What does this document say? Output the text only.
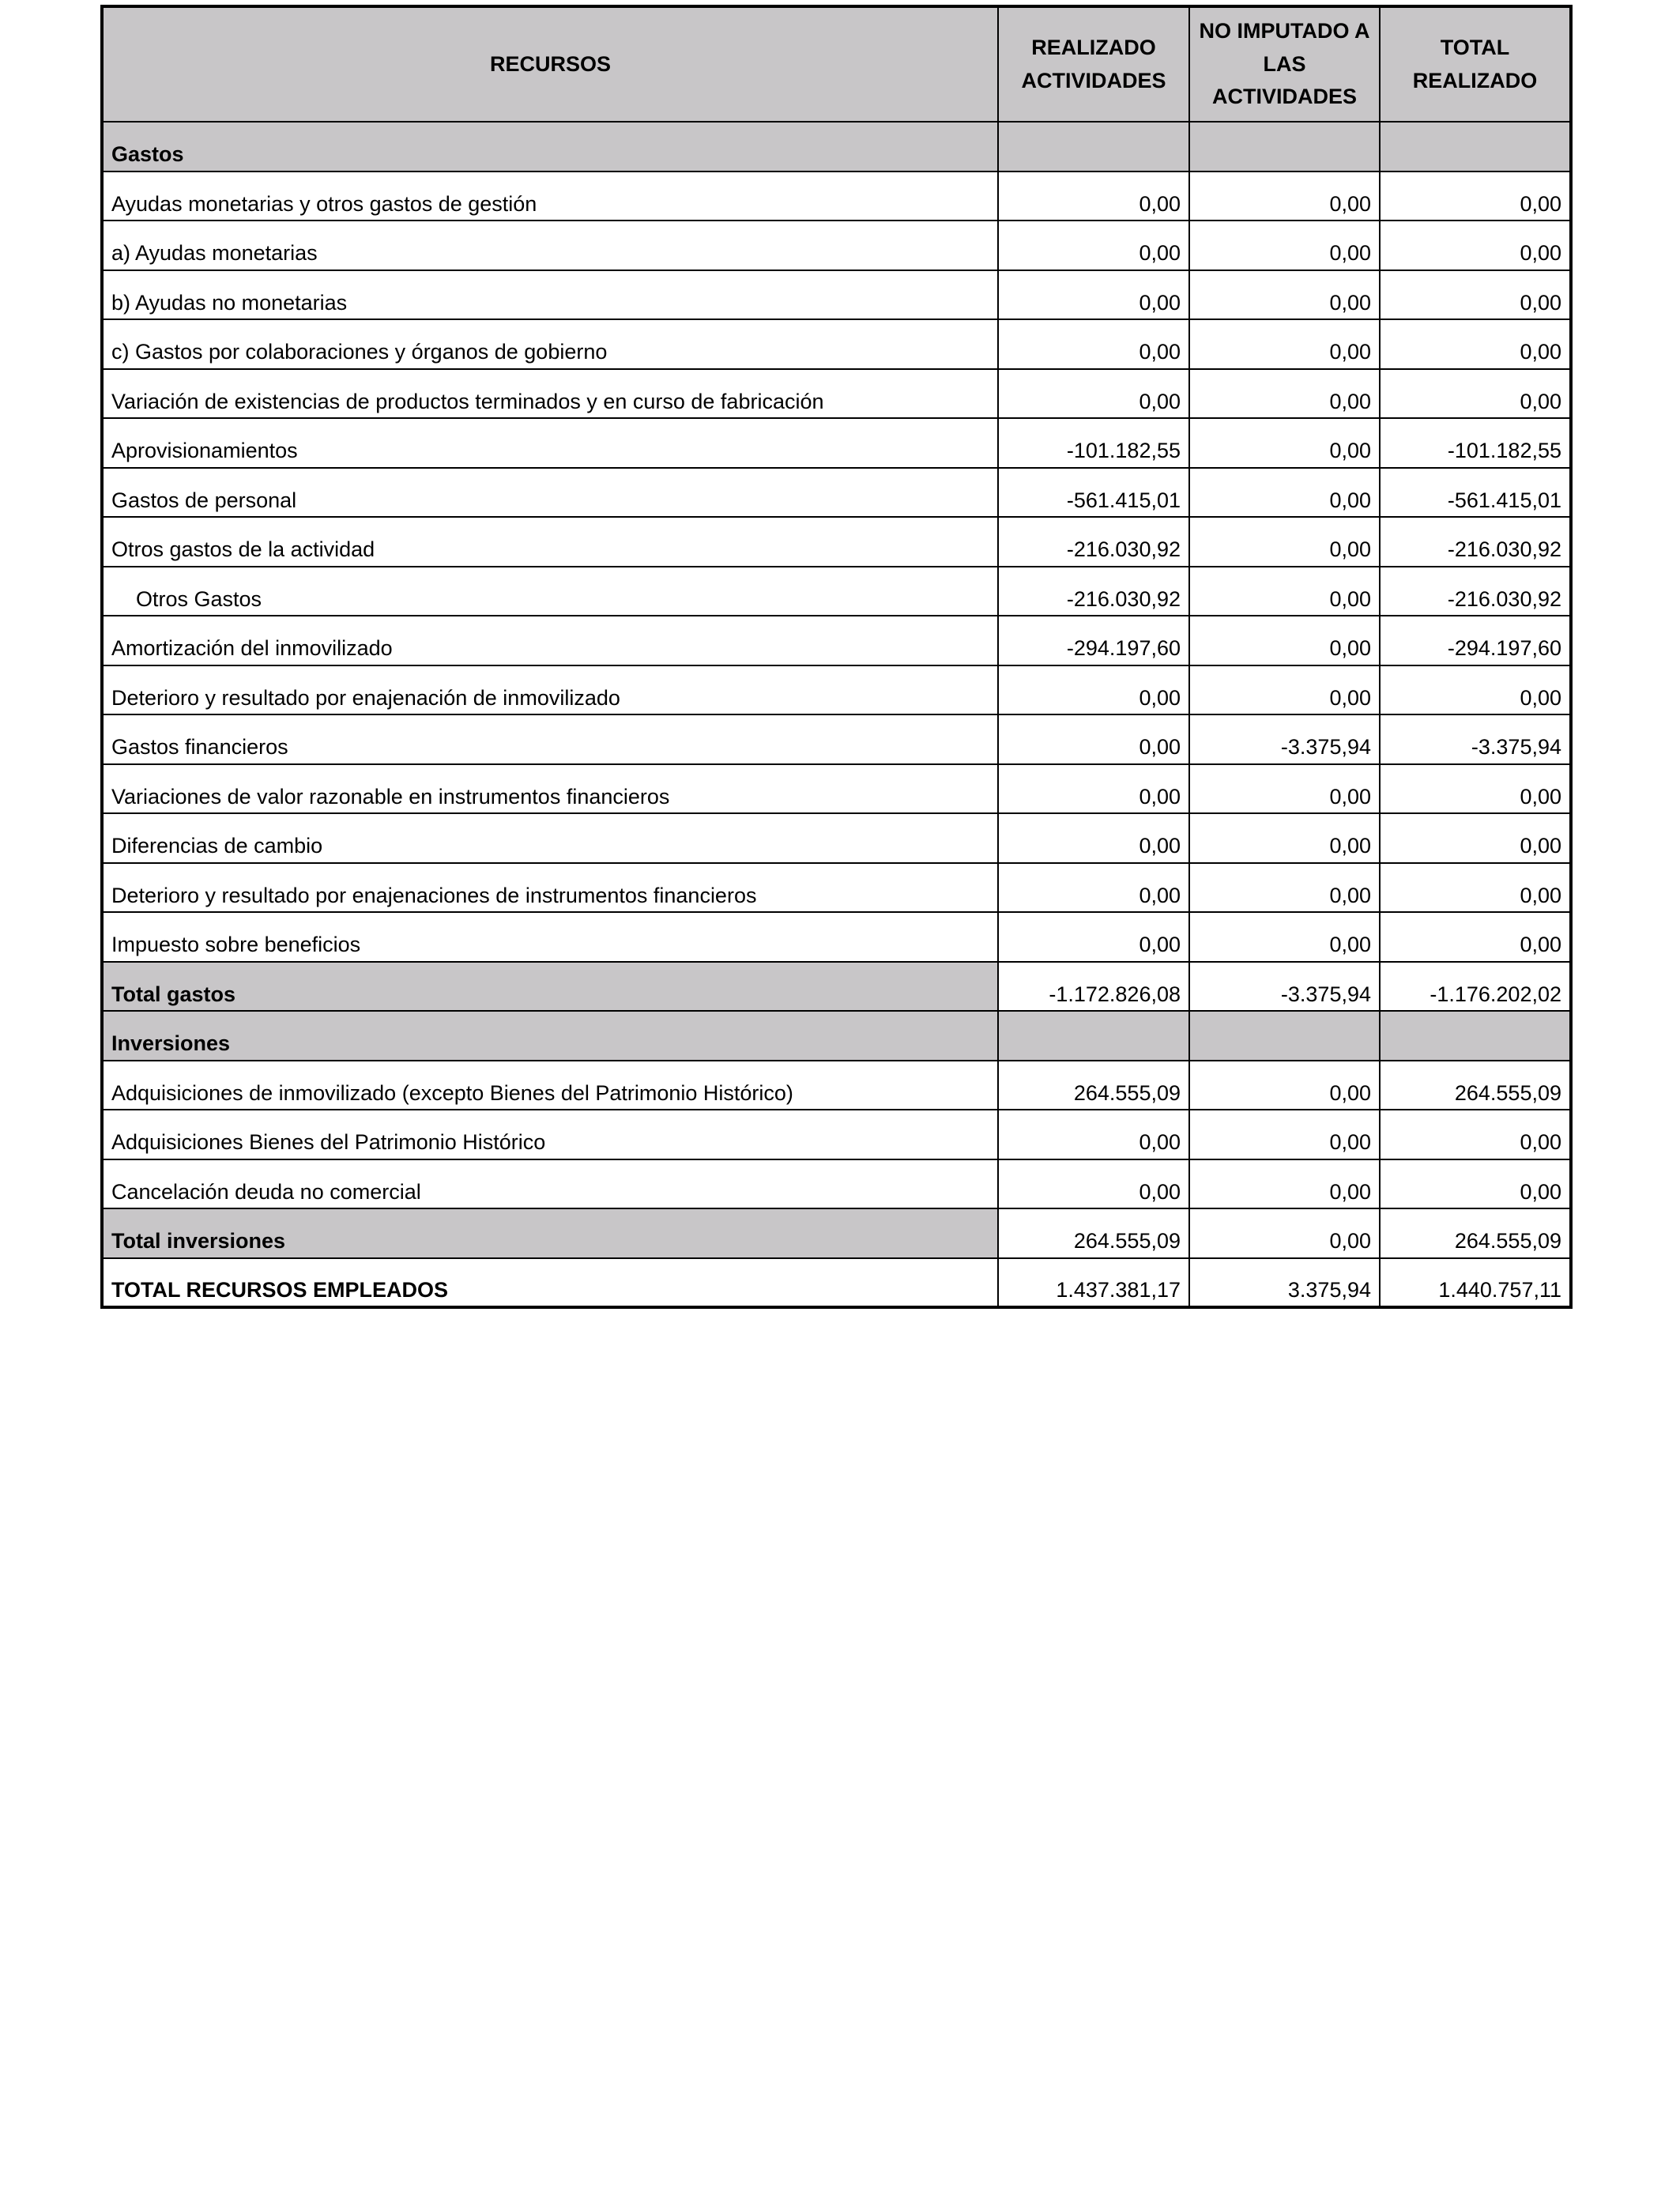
RECURSOS	REALIZADO ACTIVIDADES	NO IMPUTADO A LAS ACTIVIDADES	TOTAL REALIZADO
Gastos			
Ayudas monetarias y otros gastos de gestión	0,00	0,00	0,00
a) Ayudas monetarias	0,00	0,00	0,00
b) Ayudas no monetarias	0,00	0,00	0,00
c) Gastos por colaboraciones y órganos de gobierno	0,00	0,00	0,00
Variación de existencias de productos terminados y en curso de fabricación	0,00	0,00	0,00
Aprovisionamientos	-101.182,55	0,00	-101.182,55
Gastos de personal	-561.415,01	0,00	-561.415,01
Otros gastos de la actividad	-216.030,92	0,00	-216.030,92
Otros Gastos	-216.030,92	0,00	-216.030,92
Amortización del inmovilizado	-294.197,60	0,00	-294.197,60
Deterioro y resultado por enajenación de inmovilizado	0,00	0,00	0,00
Gastos financieros	0,00	-3.375,94	-3.375,94
Variaciones de valor razonable en instrumentos financieros	0,00	0,00	0,00
Diferencias de cambio	0,00	0,00	0,00
Deterioro y resultado por enajenaciones de instrumentos financieros	0,00	0,00	0,00
Impuesto sobre beneficios	0,00	0,00	0,00
Total gastos	-1.172.826,08	-3.375,94	-1.176.202,02
Inversiones			
Adquisiciones de inmovilizado (excepto Bienes del Patrimonio Histórico)	264.555,09	0,00	264.555,09
Adquisiciones Bienes del Patrimonio Histórico	0,00	0,00	0,00
Cancelación deuda no comercial	0,00	0,00	0,00
Total inversiones	264.555,09	0,00	264.555,09
TOTAL RECURSOS EMPLEADOS	1.437.381,17	3.375,94	1.440.757,11
